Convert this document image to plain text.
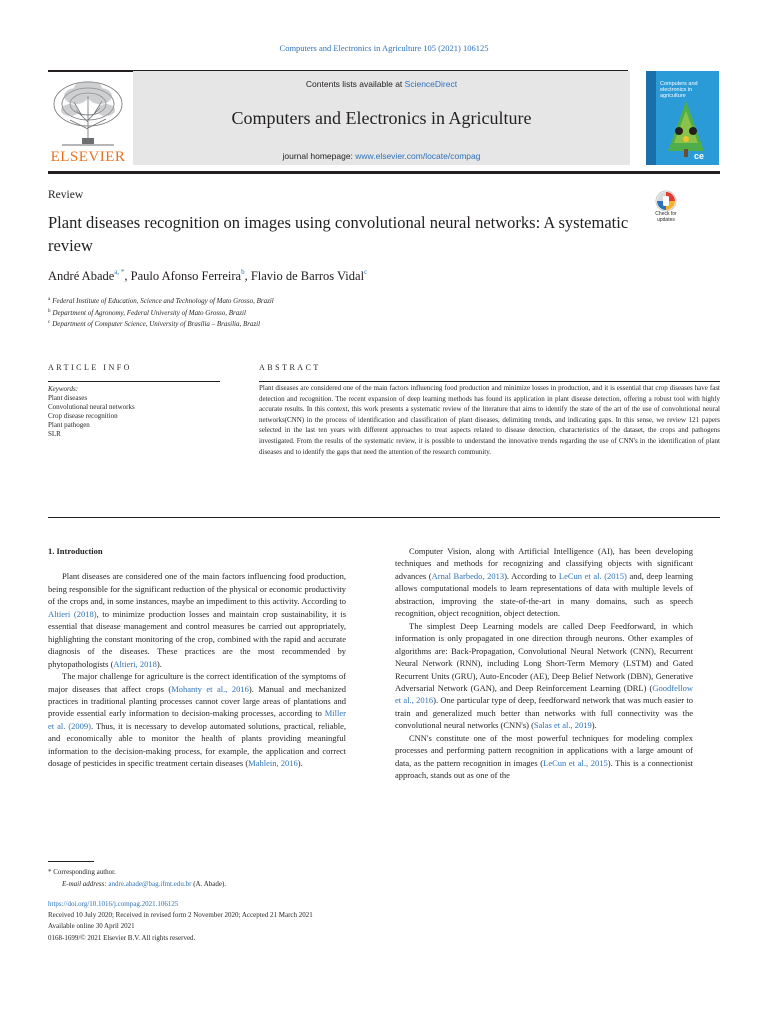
Computers and Electronics in Agriculture 105 (2021) 106125
ELSEVIER
Contents lists available at ScienceDirect
Computers and Electronics in Agriculture
journal homepage: www.elsevier.com/locate/compag	ce
Computers and electronics in agriculture
Review
Plant diseases recognition on images using convolutional neural networks: A systematic review
Check for updates
André Abade$^{a, *}$, Paulo Afonso Ferreira$^b$, Flavio de Barros Vidal$^c$
$^a$ Federal Institute of Education, Science and Technology of Mato Grosso, Brazil
$^b$ Department of Agronomy, Federal University of Mato Grosso, Brazil
$^c$ Department of Computer Science, University of Brasília – Brasília, Brazil
ARTICLE INFO	ABSTRACT
Keywords:
Plant diseases
Convolutional neural networks
Crop disease recognition
Plant pathogen
SLR
Plant diseases are considered one of the main factors influencing food production and minimize losses in production, and it is essential that crop diseases have fast detection and recognition. The recent expansion of deep learning methods has found its application in plant disease detection, offering a robust tool with highly accurate results. In this context, this work presents a systematic review of the literature that aims to identify the state of the art of the use of convolutional neural networks(CNN) in the process of identification and classification of plant diseases, delimiting trends, and indicating gaps. In this sense, we review 121 papers selected in the last ten years with different approaches to treat aspects related to disease detection, characteristics of the dataset, the crops and pathogens investigated. From the results of the systematic review, it is possible to understand the innovative trends regarding the use of CNN's in the identification of plant diseases and to identify the gaps that need the attention of the research community.
1. Introduction

Plant diseases are considered one of the main factors influencing food production, being responsible for the significant reduction of the physical or economic productivity of the crops and, in some instances, maybe an impediment to this activity. According to Altieri (2018), to minimize production losses and maintain crop sustainability, it is essential that disease management and control measures be carried out appropriately, highlighting the constant monitoring of the crop, combined with the rapid and accurate diagnosis of the diseases. These practices are the most recommended by phytopathologists (Altieri, 2018).

The major challenge for agriculture is the correct identification of the symptoms of major diseases that affect crops (Mohanty et al., 2016). Manual and mechanized practices in traditional planting processes cannot cover large areas of plantations and provide essential early information to decision-making processes, according to Miller et al. (2009). Thus, it is necessary to develop automated solutions, practical, reliable, and economically able to monitor the health of plants providing meaningful information to the decision-making process, for example, the application and correct dosage of pesticides in specific treatment certain diseases (Mahlein, 2016).

Computer Vision, along with Artificial Intelligence (AI), has been developing techniques and methods for recognizing and classifying objects with significant advances (Arnal Barbedo, 2013). According to LeCun et al. (2015) and, deep learning allows computational models to learn representations of data with multiple levels of abstraction, improving the state-of-the-art in many domains, such as speech recognition, object recognition, object detection.

The simplest Deep Learning models are called Deep Feedforward, in which information is only propagated in one direction through neurons. Other examples of algorithms are: Back-Propagation, Convolutional Neural Network (CNN), Recurrent Neural Network (RNN), including Long Short-Term Memory (LSTM) and Gated Recurrent Units (GRU), Auto-Encoder (AE), Deep Belief Network (DBN), Generative Adversarial Network (GAN), and Deep Reinforcement Learning (DRL) (Goodfellow et al., 2016). One particular type of deep, feedforward network that was much easier to train and generalized much better than networks with full connectivity was the convolutional neural networks (CNN's) (Salas et al., 2019).

CNN's constitute one of the most powerful techniques for modeling complex processes and performing pattern recognition in applications with a large amount of data, as the pattern recognition in images (LeCun et al., 2015). This is a connectionist approach, stands out as one of the

* Corresponding author.
E-mail address: andre.abade@bag.ifmt.edu.br (A. Abade).
https://doi.org/10.1016/j.compag.2021.106125
Received 10 July 2020; Received in revised form 2 November 2020; Accepted 21 March 2021
Available online 30 April 2021
0168-1699/© 2021 Elsevier B.V. All rights reserved.
